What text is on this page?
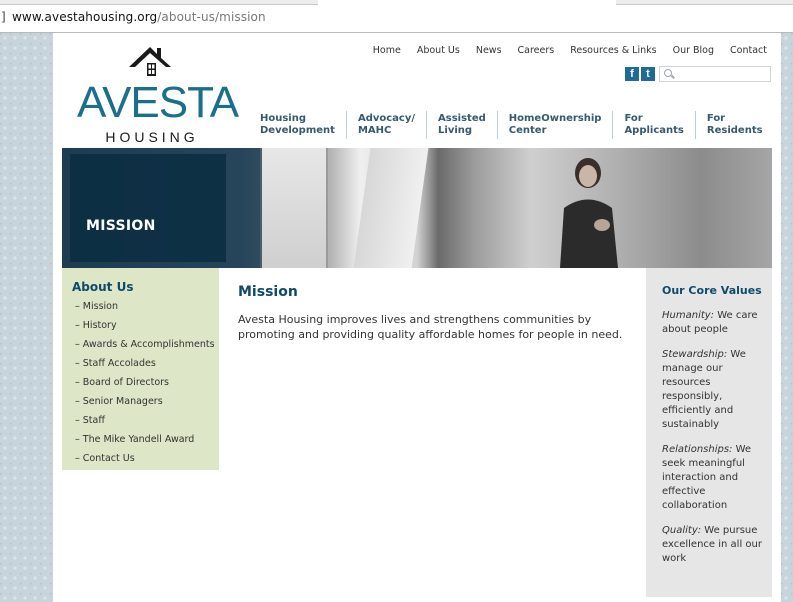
] www.avestahousing.org/about-us/mission
AVESTA
HOUSING
Home About Us News Careers Resources & Links Our Blog Contact
f	t
Housing
Development
Advocacy/
MAHC
Assisted
Living
HomeOwnership
Center
For
Applicants
For
Residents
MISSION
About Us
– Mission
– History
– Awards & Accomplishments
– Staff Accolades
– Board of Directors
– Senior Managers
– Staff
– The Mike Yandell Award
– Contact Us
Mission
Avesta Housing improves lives and strengthens communities by promoting and providing quality affordable homes for people in need.
Our Core Values
Humanity: We care about people
Stewardship: We manage our resources responsibly, efficiently and sustainably
Relationships: We seek meaningful interaction and effective collaboration
Quality: We pursue excellence in all our work
